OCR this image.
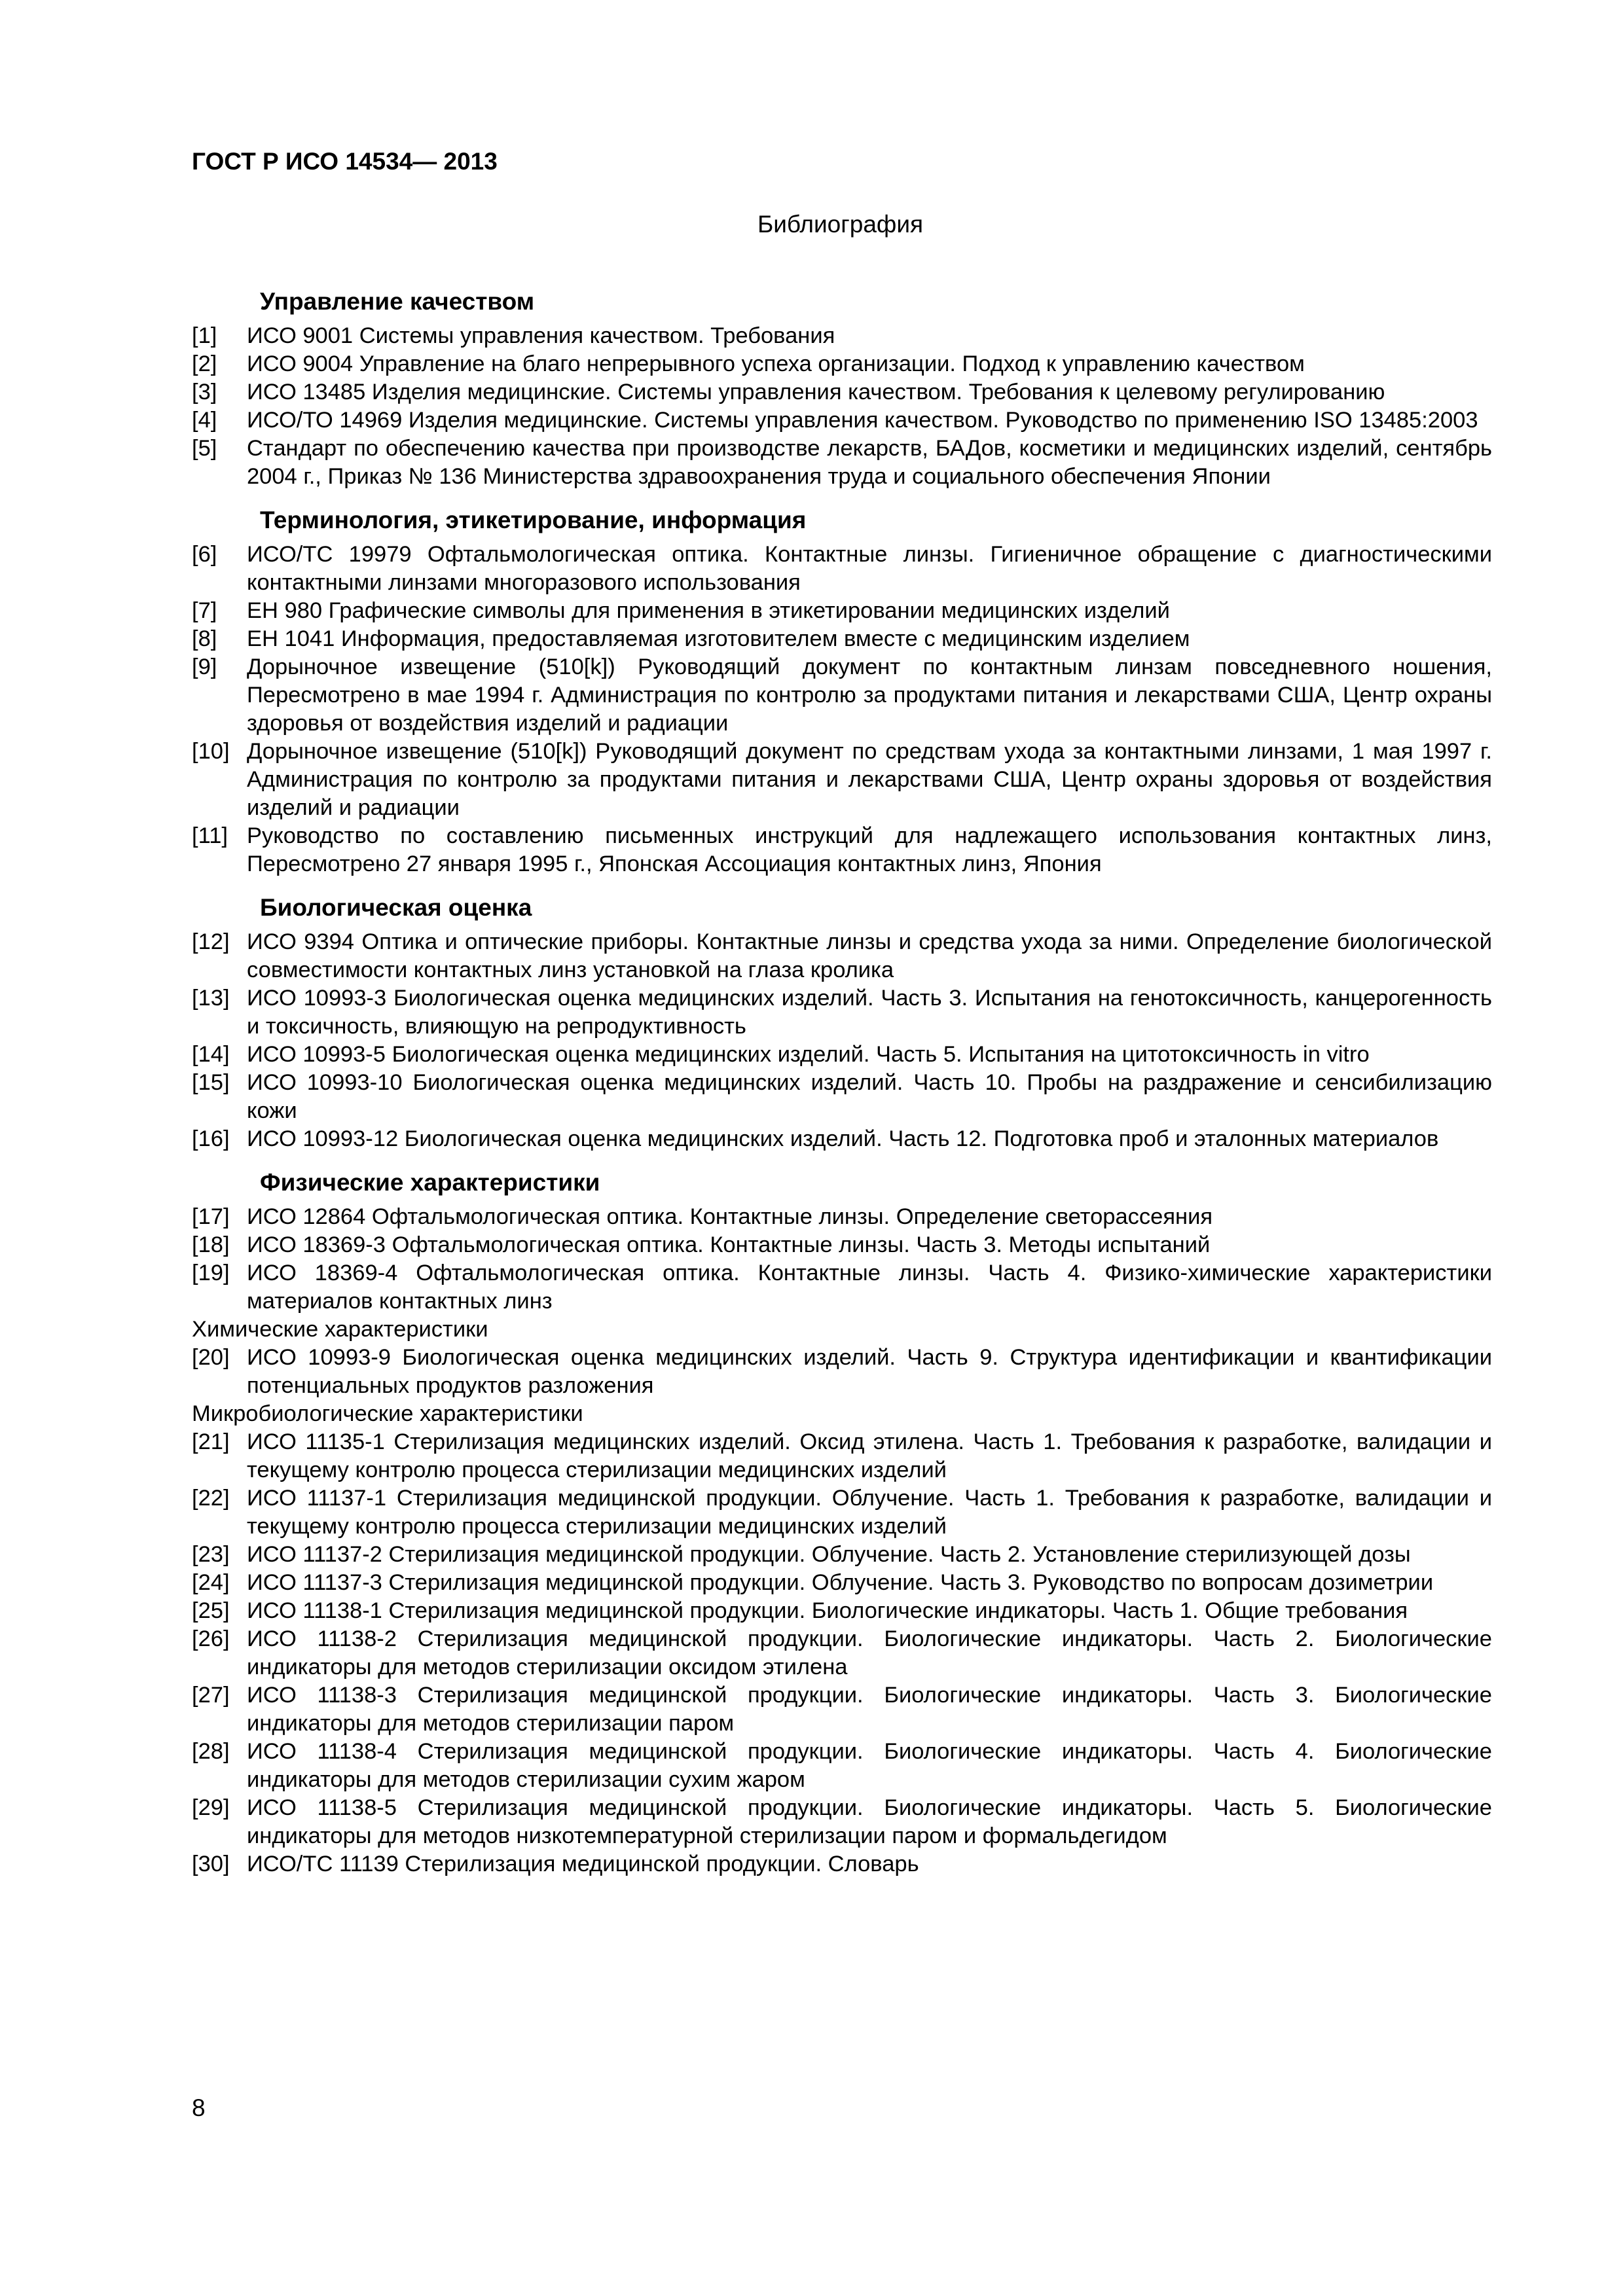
ГОСТ Р ИСО 14534— 2013
Библиография
Управление качеством
[1]	ИСО 9001 Системы управления качеством. Требования
[2]	ИСО 9004 Управление на благо непрерывного успеха организации. Подход к управлению качеством
[3]	ИСО 13485 Изделия медицинские. Системы управления качеством. Требования к целевому регулированию
[4]	ИСО/ТО 14969 Изделия медицинские. Системы управления качеством. Руководство по применению ISO 13485:2003
[5]	Стандарт по обеспечению качества при производстве лекарств, БАДов, косметики и медицинских изделий, сентябрь 2004 г., Приказ № 136 Министерства здравоохранения труда и социального обеспечения Японии
Терминология, этикетирование, информация
[6]	ИСО/ТС 19979 Офтальмологическая оптика. Контактные линзы. Гигиеничное обращение с диагностическими контактными линзами многоразового использования
[7]	ЕН 980 Графические символы для применения в этикетировании медицинских изделий
[8]	ЕН 1041 Информация, предоставляемая изготовителем вместе с медицинским изделием
[9]	Дорыночное извещение (510[k]) Руководящий документ по контактным линзам повседневного ношения, Пересмотрено в мае 1994 г. Администрация по контролю за продуктами питания и лекарствами США, Центр охраны здоровья от воздействия изделий и радиации
[10] Дорыночное извещение (510[k]) Руководящий документ по средствам ухода за контактными линзами, 1 мая 1997 г. Администрация по контролю за продуктами питания и лекарствами США, Центр охраны здоровья от воздействия изделий и радиации
[11] Руководство по составлению письменных инструкций для надлежащего использования контактных линз, Пересмотрено 27 января 1995 г., Японская Ассоциация контактных линз, Япония
Биологическая оценка
[12] ИСО 9394 Оптика и оптические приборы. Контактные линзы и средства ухода за ними. Определение биологической совместимости контактных линз установкой на глаза кролика
[13] ИСО 10993-3 Биологическая оценка медицинских изделий. Часть 3. Испытания на генотоксичность, канцерогенность и токсичность, влияющую на репродуктивность
[14] ИСО 10993-5 Биологическая оценка медицинских изделий. Часть 5. Испытания на цитотоксичность in vitro
[15] ИСО 10993-10 Биологическая оценка медицинских изделий. Часть 10. Пробы на раздражение и сенсибилизацию кожи
[16] ИСО 10993-12 Биологическая оценка медицинских изделий. Часть 12. Подготовка проб и эталонных материалов
Физические характеристики
[17] ИСО 12864 Офтальмологическая оптика. Контактные линзы. Определение светорассеяния
[18] ИСО 18369-3 Офтальмологическая оптика. Контактные линзы. Часть 3. Методы испытаний
[19] ИСО 18369-4 Офтальмологическая оптика. Контактные линзы. Часть 4. Физико-химические характеристики материалов контактных линз
Химические характеристики
[20] ИСО 10993-9 Биологическая оценка медицинских изделий. Часть 9. Структура идентификации и квантификации потенциальных продуктов разложения
Микробиологические характеристики
[21] ИСО 11135-1 Стерилизация медицинских изделий. Оксид этилена. Часть 1. Требования к разработке, валидации и текущему контролю процесса стерилизации медицинских изделий
[22] ИСО 11137-1 Стерилизация медицинской продукции. Облучение. Часть 1. Требования к разработке, валидации и текущему контролю процесса стерилизации медицинских изделий
[23] ИСО 11137-2 Стерилизация медицинской продукции. Облучение. Часть 2. Установление стерилизующей дозы
[24] ИСО 11137-3 Стерилизация медицинской продукции. Облучение. Часть 3. Руководство по вопросам дозиметрии
[25] ИСО 11138-1 Стерилизация медицинской продукции. Биологические индикаторы. Часть 1. Общие требования
[26] ИСО 11138-2 Стерилизация медицинской продукции. Биологические индикаторы. Часть 2. Биологические индикаторы для методов стерилизации оксидом этилена
[27] ИСО 11138-3 Стерилизация медицинской продукции. Биологические индикаторы. Часть 3. Биологические индикаторы для методов стерилизации паром
[28] ИСО 11138-4 Стерилизация медицинской продукции. Биологические индикаторы. Часть 4. Биологические индикаторы для методов стерилизации сухим жаром
[29] ИСО 11138-5 Стерилизация медицинской продукции. Биологические индикаторы. Часть 5. Биологические индикаторы для методов низкотемпературной стерилизации паром и формальдегидом
[30] ИСО/ТС 11139 Стерилизация медицинской продукции. Словарь
8
